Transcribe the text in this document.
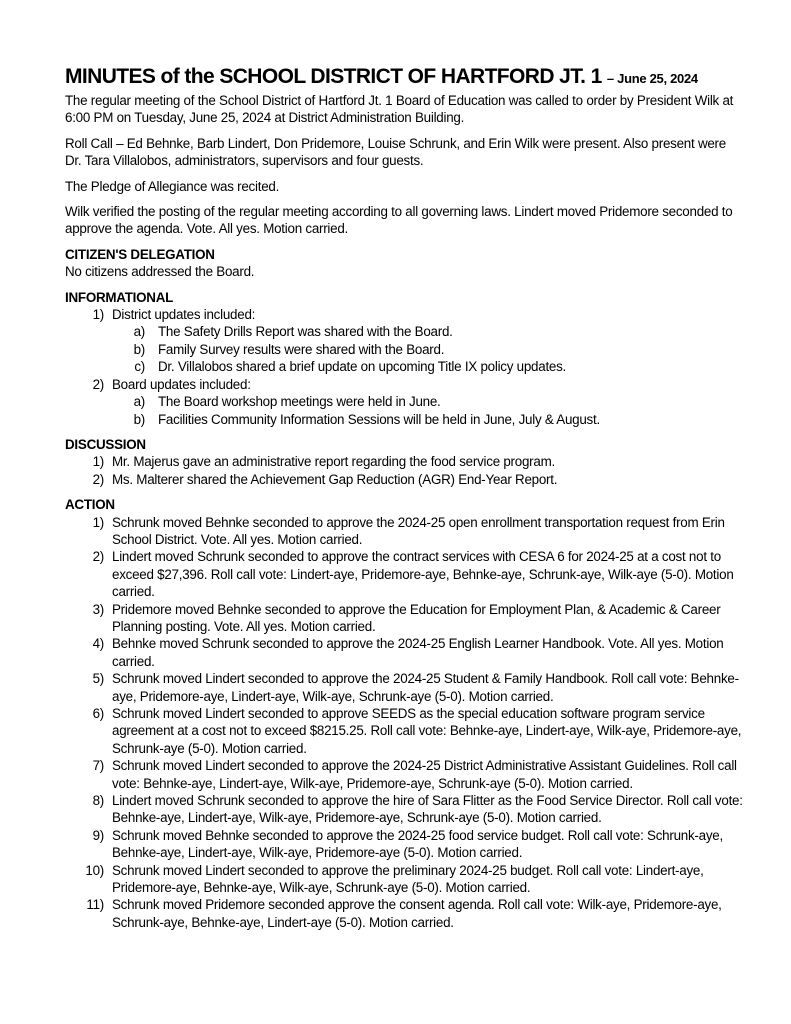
MINUTES of the SCHOOL DISTRICT OF HARTFORD JT. 1 – June 25, 2024

The regular meeting of the School District of Hartford Jt. 1 Board of Education was called to order by President Wilk at 6:00 PM on Tuesday, June 25, 2024 at District Administration Building.

Roll Call – Ed Behnke, Barb Lindert, Don Pridemore, Louise Schrunk, and Erin Wilk were present. Also present were Dr. Tara Villalobos, administrators, supervisors and four guests.

The Pledge of Allegiance was recited.

Wilk verified the posting of the regular meeting according to all governing laws. Lindert moved Pridemore seconded to approve the agenda. Vote. All yes. Motion carried.

CITIZEN'S DELEGATION
No citizens addressed the Board.
INFORMATIONAL
1) District updates included:
a) The Safety Drills Report was shared with the Board.
b) Family Survey results were shared with the Board.
c) Dr. Villalobos shared a brief update on upcoming Title IX policy updates.
2) Board updates included:
a) The Board workshop meetings were held in June.
b) Facilities Community Information Sessions will be held in June, July & August.
DISCUSSION
1) Mr. Majerus gave an administrative report regarding the food service program.
2) Ms. Malterer shared the Achievement Gap Reduction (AGR) End-Year Report.
ACTION
1) Schrunk moved Behnke seconded to approve the 2024-25 open enrollment transportation request from Erin School District. Vote. All yes. Motion carried.
2) Lindert moved Schrunk seconded to approve the contract services with CESA 6 for 2024-25 at a cost not to exceed $27,396. Roll call vote: Lindert-aye, Pridemore-aye, Behnke-aye, Schrunk-aye, Wilk-aye (5-0). Motion carried.
3) Pridemore moved Behnke seconded to approve the Education for Employment Plan, & Academic & Career Planning posting. Vote. All yes. Motion carried.
4) Behnke moved Schrunk seconded to approve the 2024-25 English Learner Handbook. Vote. All yes. Motion carried.
5) Schrunk moved Lindert seconded to approve the 2024-25 Student & Family Handbook. Roll call vote: Behnke-aye, Pridemore-aye, Lindert-aye, Wilk-aye, Schrunk-aye (5-0). Motion carried.
6) Schrunk moved Lindert seconded to approve SEEDS as the special education software program service agreement at a cost not to exceed $8215.25. Roll call vote: Behnke-aye, Lindert-aye, Wilk-aye, Pridemore-aye, Schrunk-aye (5-0). Motion carried.
7) Schrunk moved Lindert seconded to approve the 2024-25 District Administrative Assistant Guidelines. Roll call vote: Behnke-aye, Lindert-aye, Wilk-aye, Pridemore-aye, Schrunk-aye (5-0). Motion carried.
8) Lindert moved Schrunk seconded to approve the hire of Sara Flitter as the Food Service Director. Roll call vote: Behnke-aye, Lindert-aye, Wilk-aye, Pridemore-aye, Schrunk-aye (5-0). Motion carried.
9) Schrunk moved Behnke seconded to approve the 2024-25 food service budget. Roll call vote: Schrunk-aye, Behnke-aye, Lindert-aye, Wilk-aye, Pridemore-aye (5-0). Motion carried.
10) Schrunk moved Lindert seconded to approve the preliminary 2024-25 budget. Roll call vote: Lindert-aye, Pridemore-aye, Behnke-aye, Wilk-aye, Schrunk-aye (5-0). Motion carried.
11) Schrunk moved Pridemore seconded approve the consent agenda. Roll call vote: Wilk-aye, Pridemore-aye, Schrunk-aye, Behnke-aye, Lindert-aye (5-0). Motion carried.
